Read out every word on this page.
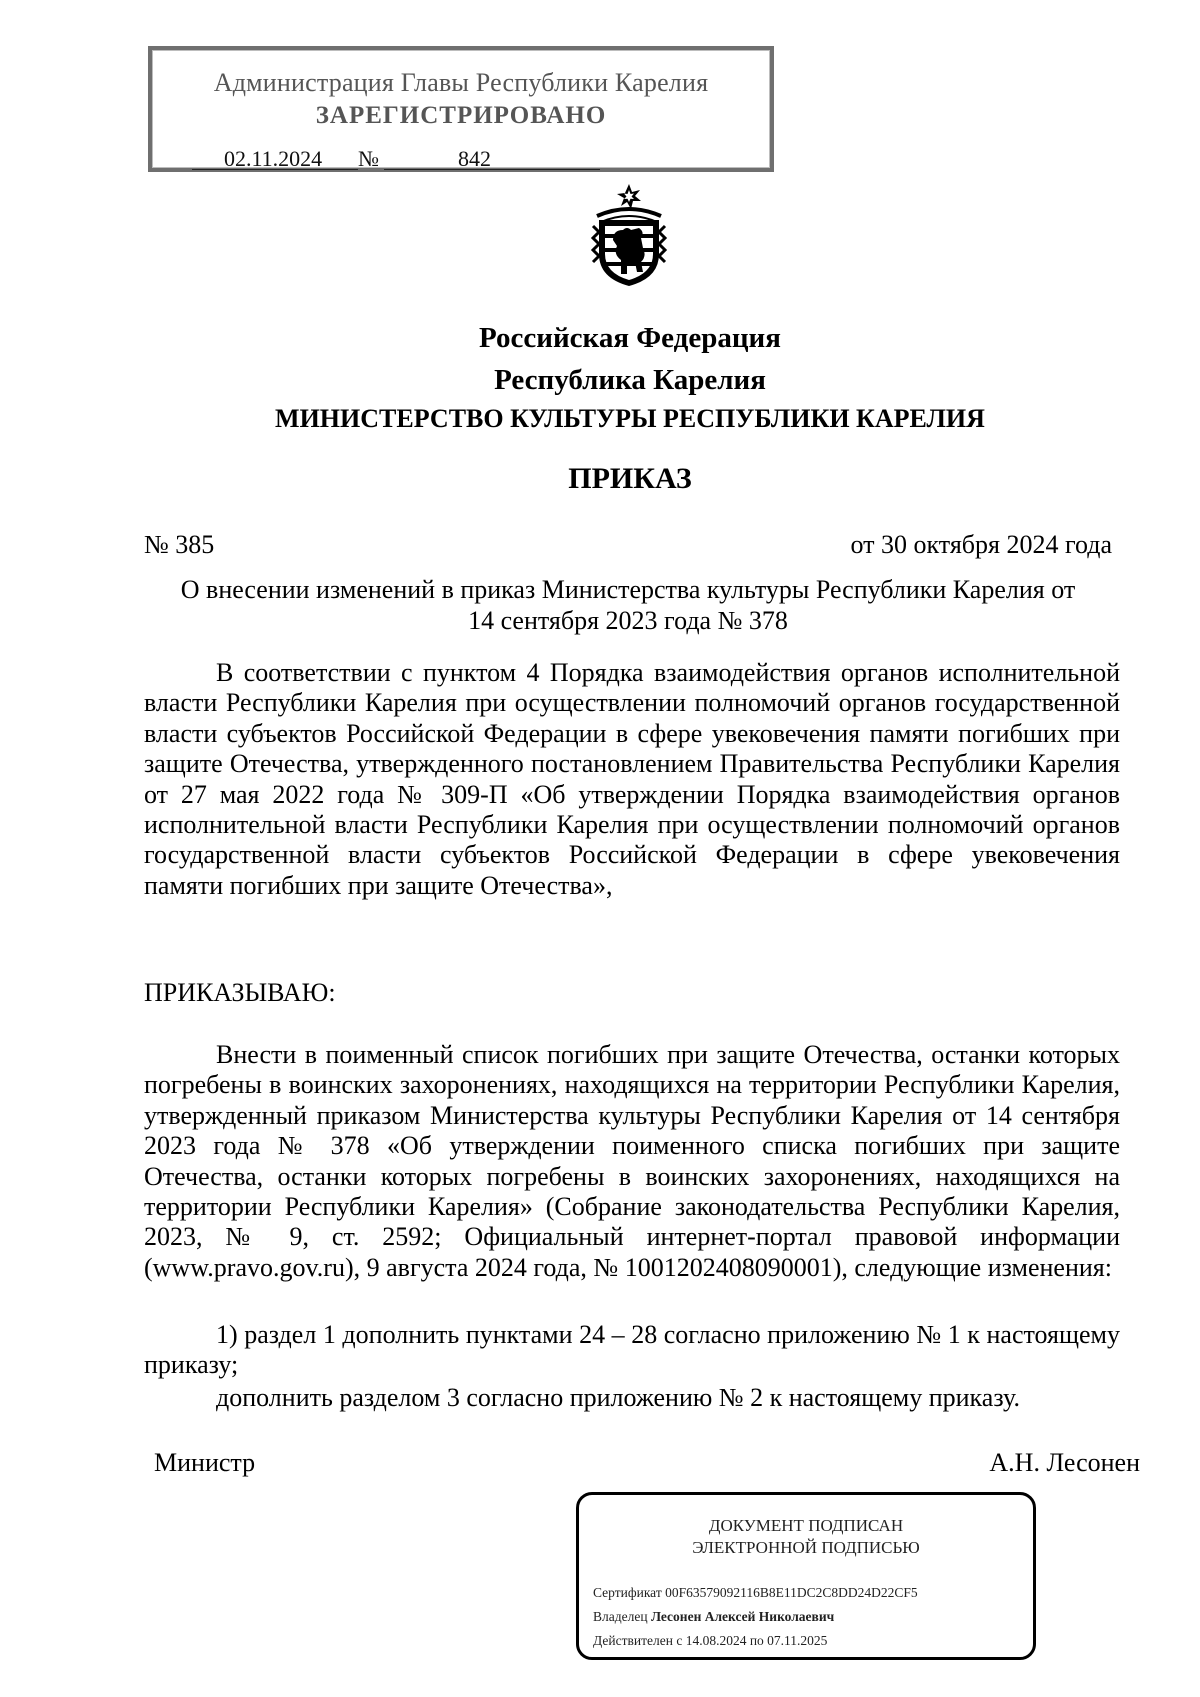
Администрация Главы Республики Карелия
ЗАРЕГИСТРИРОВАНО
02.11.2024 №	842
Российская Федерация
Республика Карелия
МИНИСТЕРСТВО КУЛЬТУРЫ РЕСПУБЛИКИ КАРЕЛИЯ
ПРИКАЗ
№ 385	от 30 октября 2024 года
О внесении изменений в приказ Министерства культуры Республики Карелия от
14 сентября 2023 года № 378
В соответствии с пунктом 4 Порядка взаимодействия органов исполнительной власти Республики Карелия при осуществлении полномочий органов государственной власти субъектов Российской Федерации в сфере увековечения памяти погибших при защите Отечества, утвержденного постановлением Правительства Республики Карелия от 27 мая 2022 года № 309-П «Об утверждении Порядка взаимодействия органов исполнительной власти Республики Карелия при осуществлении полномочий органов государственной власти субъектов Российской Федерации в сфере увековечения памяти погибших при защите Отечества»,
ПРИКАЗЫВАЮ:
Внести в поименный список погибших при защите Отечества, останки которых погребены в воинских захоронениях, находящихся на территории Республики Карелия, утвержденный приказом Министерства культуры Республики Карелия от 14 сентября 2023 года № 378 «Об утверждении поименного списка погибших при защите Отечества, останки которых погребены в воинских захоронениях, находящихся на территории Республики Карелия» (Собрание законодательства Республики Карелия, 2023, № 9, ст. 2592; Официальный интернет-портал правовой информации (www.pravo.gov.ru), 9 августа 2024 года, № 1001202408090001), следующие изменения:
1) раздел 1 дополнить пунктами 24 – 28 согласно приложению № 1 к настоящему приказу;
дополнить разделом 3 согласно приложению № 2 к настоящему приказу.
Министр	А.Н. Лесонен
ДОКУМЕНТ ПОДПИСАН
ЭЛЕКТРОННОЙ ПОДПИСЬЮ
Сертификат 00F63579092116B8E11DC2C8DD24D22CF5
Владелец Лесонен Алексей Николаевич
Действителен с 14.08.2024 по 07.11.2025
